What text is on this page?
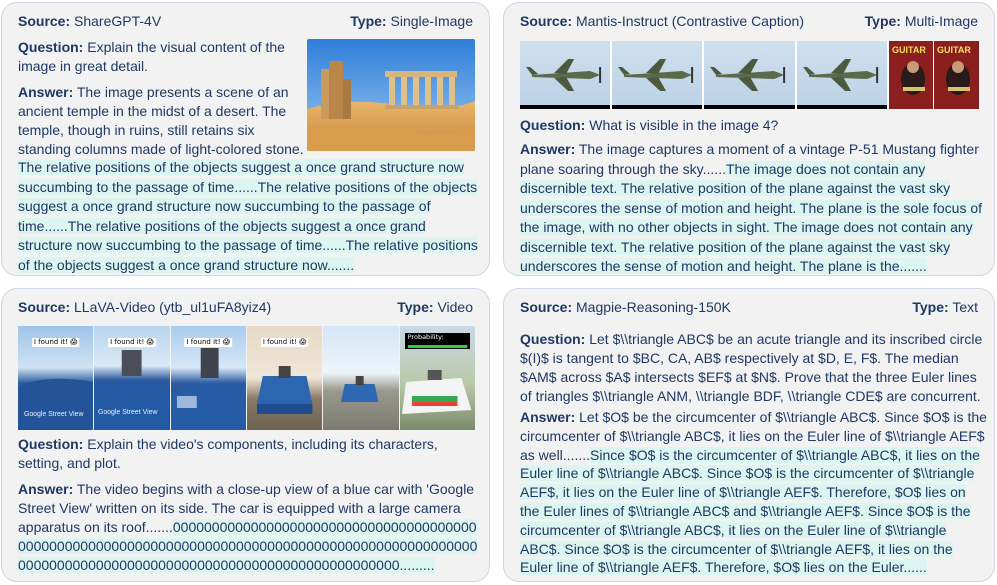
Source: ShareGPT-4V	Type: Single-Image
Question: Explain the visual content of the image in great detail.
Answer: The image presents a scene of an ancient temple in the midst of a desert. The temple, though in ruins, still retains six standing columns made of light-colored stone.
The relative positions of the objects suggest a once grand structure now succumbing to the passage of time......The relative positions of the objects suggest a once grand structure now succumbing to the passage of time......The relative positions of the objects suggest a once grand structure now succumbing to the passage of time......The relative positions of the objects suggest a once grand structure now.......
Source: Mantis-Instruct (Contrastive Caption)	Type: Multi-Image
GUITAR GUITAR
Question: What is visible in the image 4?
Answer: The image captures a moment of a vintage P-51 Mustang fighter plane soaring through the sky......The image does not contain any discernible text. The relative position of the plane against the vast sky underscores the sense of motion and height. The plane is the sole focus of the image, with no other objects in sight. The image does not contain any discernible text. The relative position of the plane against the vast sky underscores the sense of motion and height. The plane is the.......
Source: LLaVA-Video (ytb_ul1uFA8yiz4)	Type: Video
I found it! 😱
Google Street View
I found it! 😱
Google Street View
I found it! 😱	I found it! 😱
Probability:
Question: Explain the video's components, including its characters, setting, and plot.
Answer: The video begins with a close-up view of a blue car with 'Google Street View' written on its side. The car is equipped with a large camera apparatus on its roof.......000000000000000000000000000000000000000000000000000000000000000000000000000000000000000000000000000000000000000000000000000000000000000000000000000.........
Source: Magpie-Reasoning-150K	Type: Text
Question: Let $\\triangle ABC$ be an acute triangle and its inscribed circle $(I)$ is tangent to $BC, CA, AB$ respectively at $D, E, F$. The median $AM$ across $A$ intersects $EF$ at $N$. Prove that the three Euler lines of triangles $\\triangle ANM, \\triangle BDF, \\triangle CDE$ are concurrent.
Answer: Let $O$ be the circumcenter of $\\triangle ABC$. Since $O$ is the circumcenter of $\\triangle ABC$, it lies on the Euler line of $\\triangle AEF$ as well.......Since $O$ is the circumcenter of $\\triangle ABC$, it lies on the Euler line of $\\triangle ABC$. Since $O$ is the circumcenter of $\\triangle AEF$, it lies on the Euler line of $\\triangle AEF$. Therefore, $O$ lies on the Euler lines of $\\triangle ABC$ and $\\triangle AEF$. Since $O$ is the circumcenter of $\\triangle ABC$, it lies on the Euler line of $\\triangle ABC$. Since $O$ is the circumcenter of $\\triangle AEF$, it lies on the Euler line of $\\triangle AEF$. Therefore, $O$ lies on the Euler......
